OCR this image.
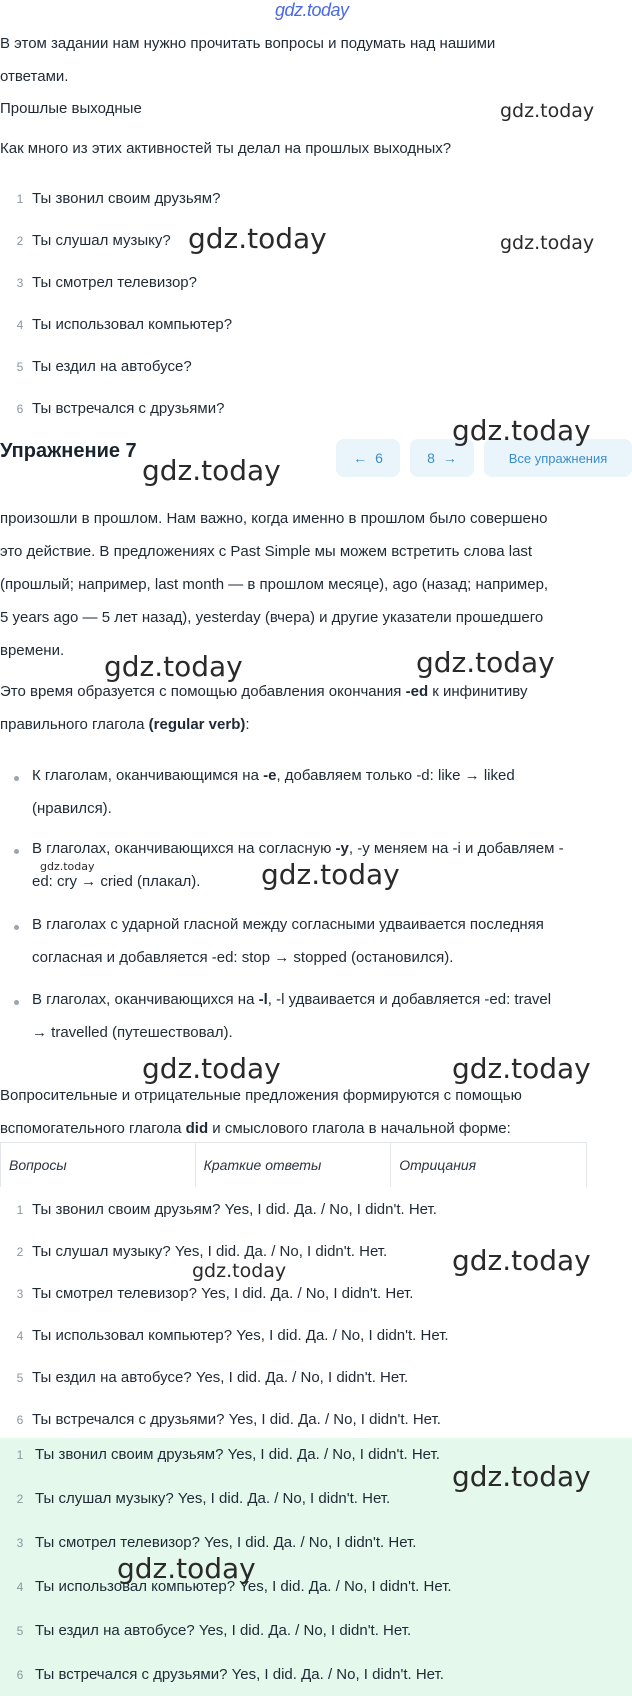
gdz.today
В этом задании нам нужно прочитать вопросы и подумать над нашими
ответами.
Прошлые выходные
Как много из этих активностей ты делал на прошлых выходных?
1 Ты звонил своим друзьям?
2 Ты слушал музыку?
3 Ты смотрел телевизор?
4 Ты использовал компьютер?
5 Ты ездил на автобусе?
6 Ты встречался с друзьями?
Упражнение 7	← 6	8 →	Все упражнения
произошли в прошлом. Нам важно, когда именно в прошлом было совершено
это действие. В предложениях с Past Simple мы можем встретить слова last
(прошлый; например, last month — в прошлом месяце), ago (назад; например,
5 years ago — 5 лет назад), yesterday (вчера) и другие указатели прошедшего
времени.
Это время образуется с помощью добавления окончания -ed к инфинитиву
правильного глагола (regular verb):
К глаголам, оканчивающимся на -e, добавляем только -d: like → liked
(нравился).
В глаголах, оканчивающихся на согласную -y, -y меняем на -i и добавляем -
ed: cry → cried (плакал).
В глаголах с ударной гласной между согласными удваивается последняя
согласная и добавляется -ed: stop → stopped (остановился).
В глаголах, оканчивающихся на -l, -l удваивается и добавляется -ed: travel
→ travelled (путешествовал).
Вопросительные и отрицательные предложения формируются с помощью
вспомогательного глагола did и смыслового глагола в начальной форме:
Вопросы	Краткие ответы	Отрицания
1 Ты звонил своим друзьям? Yes, I did. Да. / No, I didn't. Нет.
2 Ты слушал музыку? Yes, I did. Да. / No, I didn't. Нет.
3 Ты смотрел телевизор? Yes, I did. Да. / No, I didn't. Нет.
4 Ты использовал компьютер? Yes, I did. Да. / No, I didn't. Нет.
5 Ты ездил на автобусе? Yes, I did. Да. / No, I didn't. Нет.
6 Ты встречался с друзьями? Yes, I did. Да. / No, I didn't. Нет.
1 Ты звонил своим друзьям? Yes, I did. Да. / No, I didn't. Нет.
2 Ты слушал музыку? Yes, I did. Да. / No, I didn't. Нет.
3 Ты смотрел телевизор? Yes, I did. Да. / No, I didn't. Нет.
4 Ты использовал компьютер? Yes, I did. Да. / No, I didn't. Нет.
5 Ты ездил на автобусе? Yes, I did. Да. / No, I didn't. Нет.
6 Ты встречался с друзьями? Yes, I did. Да. / No, I didn't. Нет.
gdz.today
gdz.today	gdz.today
gdz.today
gdz.today
gdz.today	gdz.today
gdz.today	gdz.today
gdz.today	gdz.today
gdz.today	gdz.today
gdz.today
gdz.today
